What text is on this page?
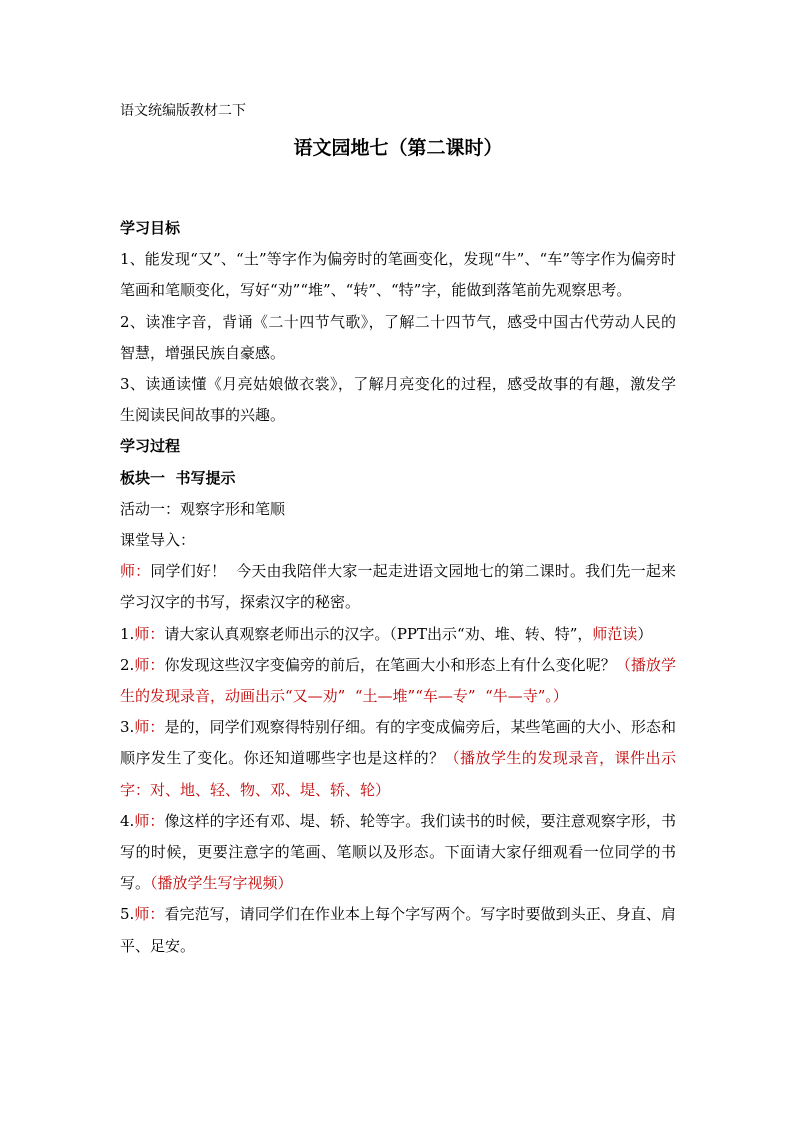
语文统编版教材二下
语文园地七（第二课时）

学习目标

1、能发现“又”、“土”等字作为偏旁时的笔画变化，发现“牛”、“车”等字作为偏旁时笔画和笔顺变化，写好“劝”“堆”、“转”、“特”字，能做到落笔前先观察思考。

2、读准字音，背诵《二十四节气歌》，了解二十四节气，感受中国古代劳动人民的智慧，增强民族自豪感。

3、读通读懂《月亮姑娘做衣裳》，了解月亮变化的过程，感受故事的有趣，激发学生阅读民间故事的兴趣。

学习过程

板块一  书写提示

活动一：观察字形和笔顺

课堂导入：

师：同学们好！  今天由我陪伴大家一起走进语文园地七的第二课时。我们先一起来学习汉字的书写，探索汉字的秘密。

1.师：请大家认真观察老师出示的汉字。（PPT出示“劝、堆、转、特”，师范读）

2.师：你发现这些汉字变偏旁的前后，在笔画大小和形态上有什么变化呢？（播放学生的发现录音，动画出示“又—劝”  “土—堆”“车—专”  “牛—寺”。）

3.师：是的，同学们观察得特别仔细。有的字变成偏旁后，某些笔画的大小、形态和顺序发生了变化。你还知道哪些字也是这样的？（播放学生的发现录音，课件出示字：对、地、轻、物、邓、堤、轿、轮）

4.师：像这样的字还有邓、堤、轿、轮等字。我们读书的时候，要注意观察字形，书写的时候，更要注意字的笔画、笔顺以及形态。下面请大家仔细观看一位同学的书写。（播放学生写字视频）

5.师：看完范写，请同学们在作业本上每个字写两个。写字时要做到头正、身直、肩平、足安。
